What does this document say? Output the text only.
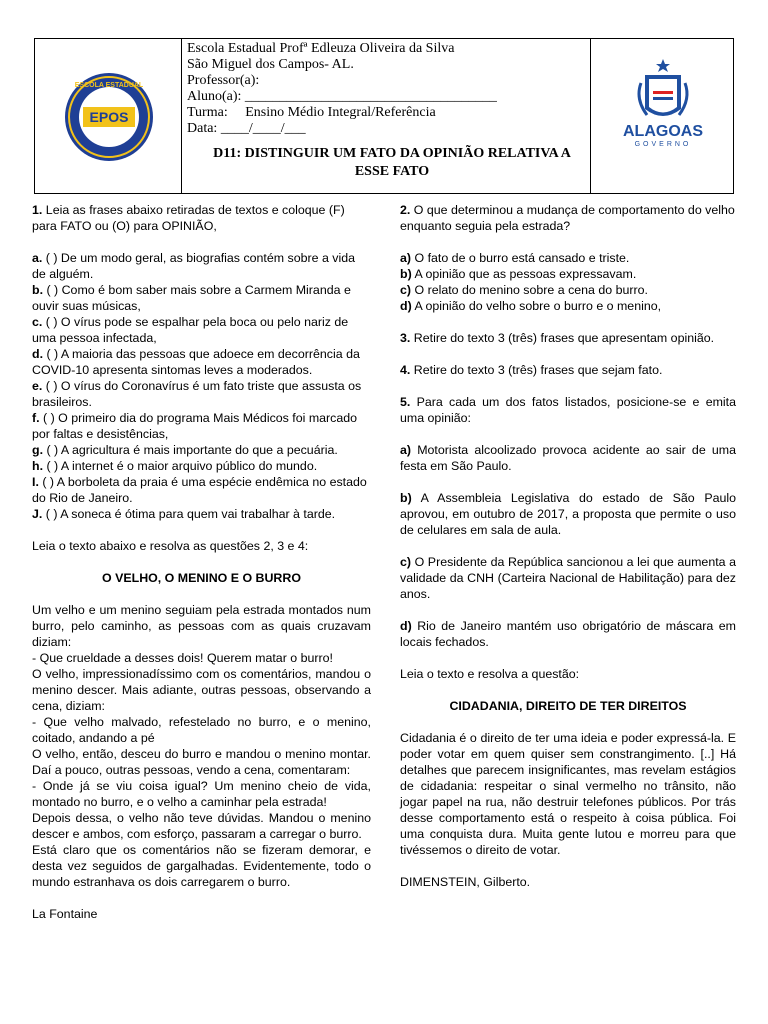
ESCOLA ESTADUAL
EPOS
Escola Estadual Profª Edleuza Oliveira da Silva
São Miguel dos Campos- AL.
Professor(a):
Aluno(a): ____________________________________
Turma: Ensino Médio Integral/Referência
Data: ____/____/___
D11: DISTINGUIR UM FATO DA OPINIÃO RELATIVA A
ESSE FATO
ALAGOAS
GOVERNO

1. Leia as frases abaixo retiradas de textos e coloque (F) para FATO ou (O) para OPINIÃO,

a. ( ) De um modo geral, as biografias contém sobre a vida de alguém.

b. ( ) Como é bom saber mais sobre a Carmem Miranda e ouvir suas músicas,

c. ( ) O vírus pode se espalhar pela boca ou pelo nariz de uma pessoa infectada,

d. ( ) A maioria das pessoas que adoece em decorrência da COVID-10 apresenta sintomas leves a moderados.

e. ( ) O vírus do Coronavírus é um fato triste que assusta os brasileiros.

f. ( ) O primeiro dia do programa Mais Médicos foi marcado por faltas e desistências,

g. ( ) A agricultura é mais importante do que a pecuária.

h. ( ) A internet é o maior arquivo público do mundo.

I. ( ) A borboleta da praia é uma espécie endêmica no estado do Rio de Janeiro.

J. ( ) A soneca é ótima para quem vai trabalhar à tarde.

Leia o texto abaixo e resolva as questões 2, 3 e 4:

O VELHO, O MENINO E O BURRO

Um velho e um menino seguiam pela estrada montados num burro, pelo caminho, as pessoas com as quais cruzavam diziam:

- Que crueldade a desses dois! Querem matar o burro!

O velho, impressionadíssimo com os comentários, mandou o menino descer. Mais adiante, outras pessoas, observando a cena, diziam:

- Que velho malvado, refestelado no burro, e o menino, coitado, andando a pé

O velho, então, desceu do burro e mandou o menino montar. Daí a pouco, outras pessoas, vendo a cena, comentaram:

- Onde já se viu coisa igual? Um menino cheio de vida, montado no burro, e o velho a caminhar pela estrada!

Depois dessa, o velho não teve dúvidas. Mandou o menino descer e ambos, com esforço, passaram a carregar o burro.

Está claro que os comentários não se fizeram demorar, e desta vez seguidos de gargalhadas. Evidentemente, todo o mundo estranhava os dois carregarem o burro.

La Fontaine

2. O que determinou a mudança de comportamento do velho enquanto seguia pela estrada?

a) O fato de o burro está cansado e triste.

b) A opinião que as pessoas expressavam.

c) O relato do menino sobre a cena do burro.

d) A opinião do velho sobre o burro e o menino,

3. Retire do texto 3 (três) frases que apresentam opinião.

4. Retire do texto 3 (três) frases que sejam fato.

5. Para cada um dos fatos listados, posicione-se e emita uma opinião:

a) Motorista alcoolizado provoca acidente ao sair de uma festa em São Paulo.

b) A Assembleia Legislativa do estado de São Paulo aprovou, em outubro de 2017, a proposta que permite o uso de celulares em sala de aula.

c) O Presidente da República sancionou a lei que aumenta a validade da CNH (Carteira Nacional de Habilitação) para dez anos.

d) Rio de Janeiro mantém uso obrigatório de máscara em locais fechados.

Leia o texto e resolva a questão:

CIDADANIA, DIREITO DE TER DIREITOS

Cidadania é o direito de ter uma ideia e poder expressá-la. E poder votar em quem quiser sem constrangimento. [..] Há detalhes que parecem insignificantes, mas revelam estágios de cidadania: respeitar o sinal vermelho no trânsito, não jogar papel na rua, não destruir telefones públicos. Por trás desse comportamento está o respeito à coisa pública. Foi uma conquista dura. Muita gente lutou e morreu para que tivéssemos o direito de votar.

DIMENSTEIN, Gilberto.
